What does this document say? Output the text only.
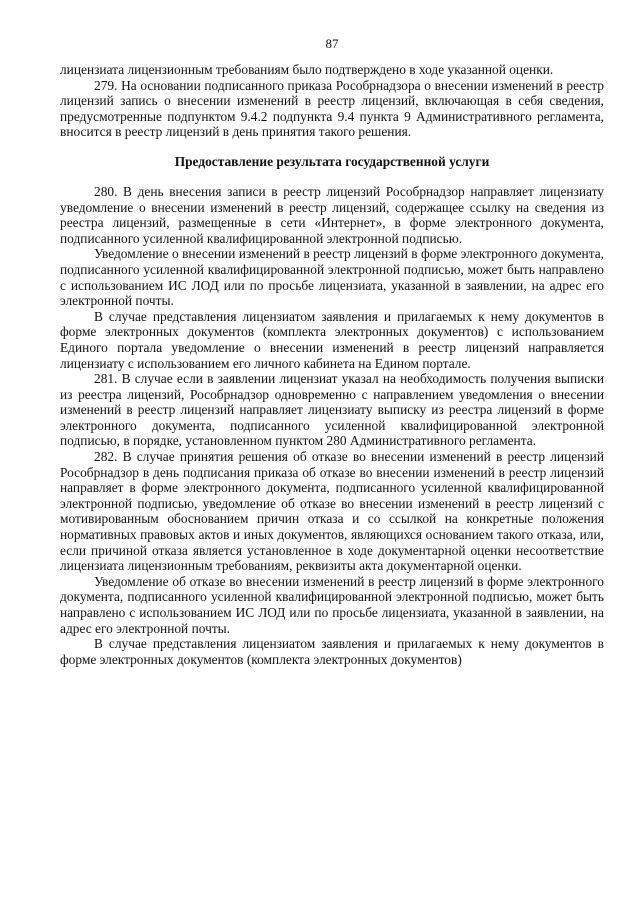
87

лицензиата лицензионным требованиям было подтверждено в ходе указанной оценки.

279. На основании подписанного приказа Рособрнадзора о внесении изменений в реестр лицензий запись о внесении изменений в реестр лицензий, включающая в себя сведения, предусмотренные подпунктом 9.4.2 подпункта 9.4 пункта 9 Административного регламента, вносится в реестр лицензий в день принятия такого решения.

Предоставление результата государственной услуги

280. В день внесения записи в реестр лицензий Рособрнадзор направляет лицензиату уведомление о внесении изменений в реестр лицензий, содержащее ссылку на сведения из реестра лицензий, размещенные в сети «Интернет», в форме электронного документа, подписанного усиленной квалифицированной электронной подписью.

Уведомление о внесении изменений в реестр лицензий в форме электронного документа, подписанного усиленной квалифицированной электронной подписью, может быть направлено с использованием ИС ЛОД или по просьбе лицензиата, указанной в заявлении, на адрес его электронной почты.

В случае представления лицензиатом заявления и прилагаемых к нему документов в форме электронных документов (комплекта электронных документов) с использованием Единого портала уведомление о внесении изменений в реестр лицензий направляется лицензиату с использованием его личного кабинета на Едином портале.

281. В случае если в заявлении лицензиат указал на необходимость получения выписки из реестра лицензий, Рособрнадзор одновременно с направлением уведомления о внесении изменений в реестр лицензий направляет лицензиату выписку из реестра лицензий в форме электронного документа, подписанного усиленной квалифицированной электронной подписью, в порядке, установленном пунктом 280 Административного регламента.

282. В случае принятия решения об отказе во внесении изменений в реестр лицензий Рособрнадзор в день подписания приказа об отказе во внесении изменений в реестр лицензий направляет в форме электронного документа, подписанного усиленной квалифицированной электронной подписью, уведомление об отказе во внесении изменений в реестр лицензий с мотивированным обоснованием причин отказа и со ссылкой на конкретные положения нормативных правовых актов и иных документов, являющихся основанием такого отказа, или, если причиной отказа является установленное в ходе документарной оценки несоответствие лицензиата лицензионным требованиям, реквизиты акта документарной оценки.

Уведомление об отказе во внесении изменений в реестр лицензий в форме электронного документа, подписанного усиленной квалифицированной электронной подписью, может быть направлено с использованием ИС ЛОД или по просьбе лицензиата, указанной в заявлении, на адрес его электронной почты.

В случае представления лицензиатом заявления и прилагаемых к нему документов в форме электронных документов (комплекта электронных документов)
